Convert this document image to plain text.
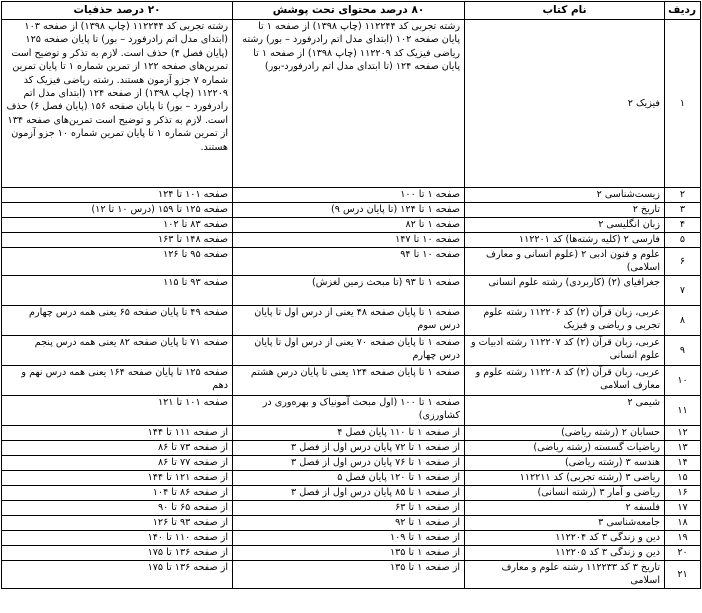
ردیف	نام کتاب	۸۰ درصد محتوای تحت پوشش	۲۰ درصد حذفیات
۱	فیزیک ۲	رشته تجربی کد ۱۱۲۲۴۴ (چاپ ۱۳۹۸) از صفحه ۱ تا پایان صفحه ۱۰۲ (ابتدای مدل اتم رادرفورد – بور) رشته ریاضی فیزیک کد ۱۱۲۲۰۹ (چاپ ۱۳۹۸) از صفحه ۱ تا پایان صفحه ۱۲۴ (تا ابتدای مدل اتم رادرفورد-بور)	رشته تجربی کد ۱۱۲۲۴۴ (چاپ ۱۳۹۸) از صفحه ۱۰۳ (ابتدای مدل اتم رادرفورد – بور) تا پایان صفحه ۱۲۵ (پایان فصل ۴) حذف است. لازم به تذکر و توضیح است تمرین‌های صفحه ۱۲۲ از تمرین شماره ۱ تا پایان تمرین شماره ۷ جزو آزمون هستند. رشته ریاضی فیزیک کد ۱۱۲۲۰۹ (چاپ ۱۳۹۸) از صفحه ۱۲۴ (ابتدای مدل اتم رادرفورد – بور) تا پایان صفحه ۱۵۶ (پایان فصل ۶) حذف است. لازم به تذکر و توضیح است تمرین‌های صفحه ۱۳۴ از تمرین شماره ۱ تا پایان تمرین شماره ۱۰ جزو آزمون هستند.
۲	زیست‌شناسی ۲	صفحه ۱ تا ۱۰۰	صفحه ۱۰۱ تا ۱۲۴
۳	تاریخ ۲	صفحه ۱ تا ۱۲۴ (تا پایان درس ۹)	صفحه ۱۲۵ تا ۱۵۹ (درس ۱۰ تا ۱۲)
۴	زبان انگلیسی ۲	صفحه ۱ تا ۸۲	صفحه ۸۳ تا ۱۰۲
۵	فارسی ۲ (کلیه رشته‌ها) کد ۱۱۲۲۰۱	صفحه ۱۰ تا ۱۴۷	صفحه ۱۴۸ تا ۱۶۳
۶	علوم و فنون ادبی ۲ (علوم انسانی و معارف اسلامی)	صفحه ۱۰ تا ۹۴	صفحه ۹۵ تا ۱۲۶
۷	جغرافیای (۲) (کاربردی) رشته علوم انسانی	صفحه ۱ تا ۹۳ (تا مبحث زمین لغزش)	صفحه ۹۳ تا ۱۱۵
۸	عربی، زبان قرآن (۲) کد ۱۱۲۲۰۶ رشته علوم تجربی و ریاضی و فیزیک	صفحه ۱ تا پایان صفحه ۴۸ یعنی از درس اول تا پایان درس سوم	صفحه ۴۹ تا پایان صفحه ۶۵ یعنی همه درس چهارم
۹	عربی، زبان قرآن (۲) کد ۱۱۲۲۰۷ رشته ادبیات و علوم انسانی	صفحه ۱ تا پایان صفحه ۷۰ یعنی از درس اول تا پایان درس چهارم	صفحه ۷۱ تا پایان صفحه ۸۲ یعنی همه درس پنجم
۱۰	عربی، زبان قرآن (۲) کد ۱۱۲۲۰۸ رشته علوم و معارف اسلامی	صفحه ۱ تا پایان صفحه ۱۲۴ یعنی تا پایان درس هشتم	صفحه ۱۲۵ تا پایان صفحه ۱۶۴ یعنی همه درس نهم و دهم
۱۱	شیمی ۲	صفحه ۱ تا ۱۰۰ (اول مبحث آمونیاک و بهره‌وری در کشاورزی)	صفحه ۱۰۱ تا ۱۲۱
۱۲	حسابان ۲ (رشته ریاضی)	از صفحه ۱ تا ۱۱۰ پایان فصل ۴	از صفحه ۱۱۱ تا ۱۴۴
۱۳	ریاضیات گسسته (رشته ریاضی)	از صفحه ۱ تا ۷۲ پایان درس اول از فصل ۳	از صفحه ۷۳ تا ۸۶
۱۴	هندسه ۳ (رشته ریاضی)	از صفحه ۱ تا ۷۶ پایان درس اول از فصل ۳	از صفحه ۷۷ تا ۸۶
۱۵	ریاضی ۳ (رشته تجربی) کد ۱۱۲۲۱۱	از صفحه ۱ تا ۱۲۰ پایان فصل ۵	از صفحه ۱۲۱ تا ۱۴۴
۱۶	ریاضی و آمار ۳ (رشته انسانی)	از صفحه ۱ تا ۸۵ پایان درس اول از فصل ۳	از صفحه ۸۶ تا ۱۰۴
۱۷	فلسفه ۲	از صفحه ۱ تا ۶۳	از صفحه ۶۵ تا ۹۰
۱۸	جامعه‌شناسی ۳	از صفحه ۱ تا ۹۲	از صفحه ۹۳ تا ۱۲۶
۱۹	دین و زندگی ۳ کد ۱۱۲۲۰۴	از صفحه ۱ تا ۱۰۹	از صفحه ۱۱۰ تا ۱۴۰
۲۰	دین و زندگی ۳ کد ۱۱۲۲۰۵	از صفحه ۱ تا ۱۳۵	از صفحه ۱۳۶ تا ۱۷۵
۲۱	تاریخ ۳ کد ۱۱۲۲۳۳ رشته علوم و معارف اسلامی	از صفحه ۱ تا ۱۳۵	از صفحه ۱۳۶ تا ۱۷۵
